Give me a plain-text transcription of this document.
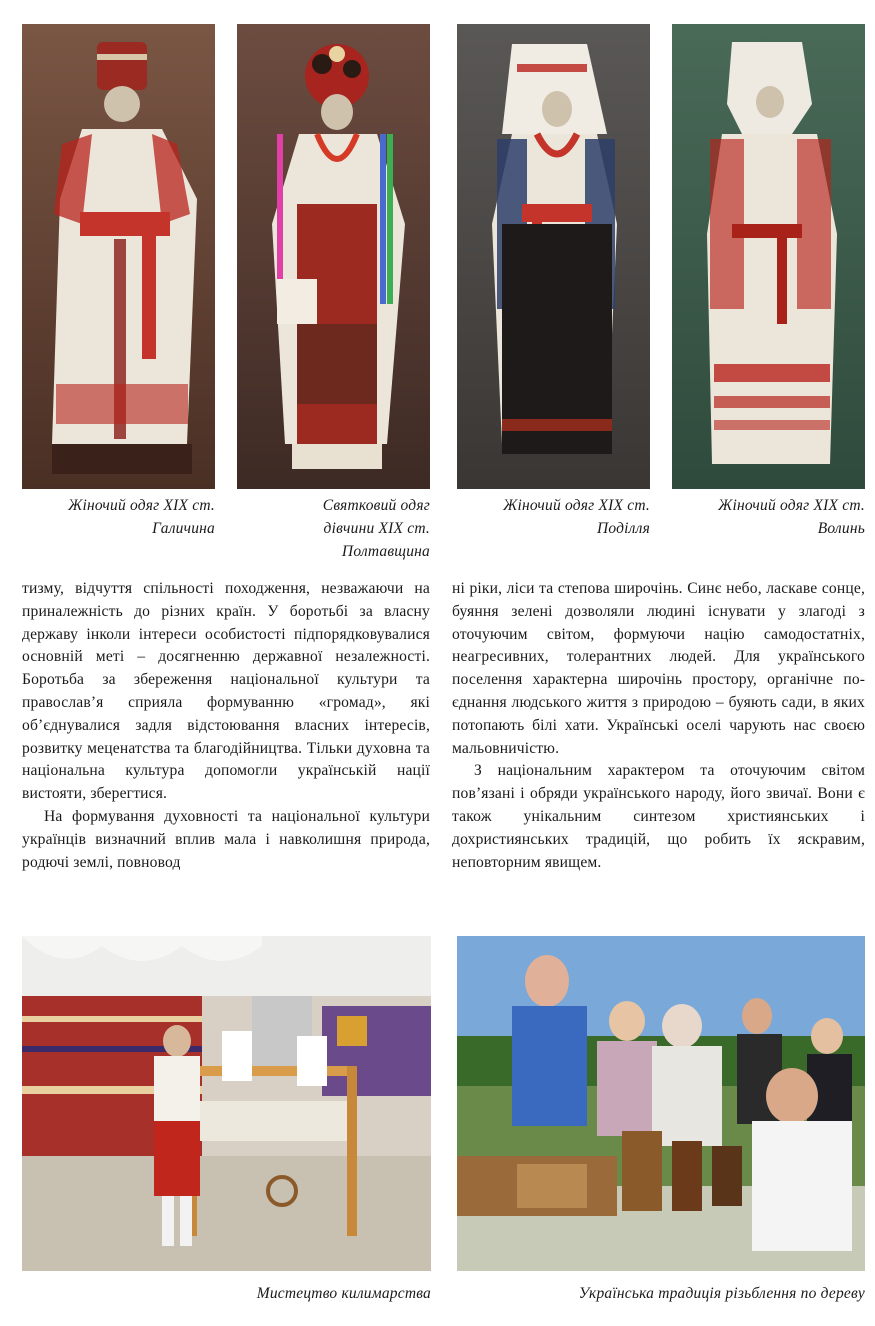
Жіночий одяг XIX ст.
Галичина
Святковий одяг
дівчини XIX ст.
Полтавщина
Жіночий одяг XIX ст.
Поділля
Жіночий одяг XIX ст.
Волинь

тизму, відчуття спільності походження, незважаючи на приналежність до різних країн. У боротьбі за власну державу інколи інтереси особистості підпорядковувалися основній меті – досягненню державної незалежності. Боротьба за збереження національної культури та православ’я сприяла формуванню «громад», які об’єднувалися задля відстоювання власних інтересів, розвитку меценатства та благодійництва. Тільки духовна та національна культура допомогли українській нації вистояти, зберегтися.

На формування духовності та національної культури українців визначний вплив мала і навколишня природа, родючі землі, повновод

ні ріки, ліси та степова широчінь. Синє небо, ласкаве сонце, буяння зелені дозволяли людині існувати у злагоді з оточуючим світом, формуючи націю самодостатніх, неагресивних, толерантних людей. Для українського поселення характерна широчінь простору, органічне поєднання людського життя з природою – буяють сади, в яких потопають білі хати. Українські оселі чарують нас своєю мальовничістю.

З національним характером та оточуючим світом пов’язані і обряди українського народу, його звичаї. Вони є також унікальним синтезом християнських і дохристиянських традицій, що робить їх яскравим, неповторним явищем.

Мистецтво килимарства	Українська традиція різьблення по дереву
